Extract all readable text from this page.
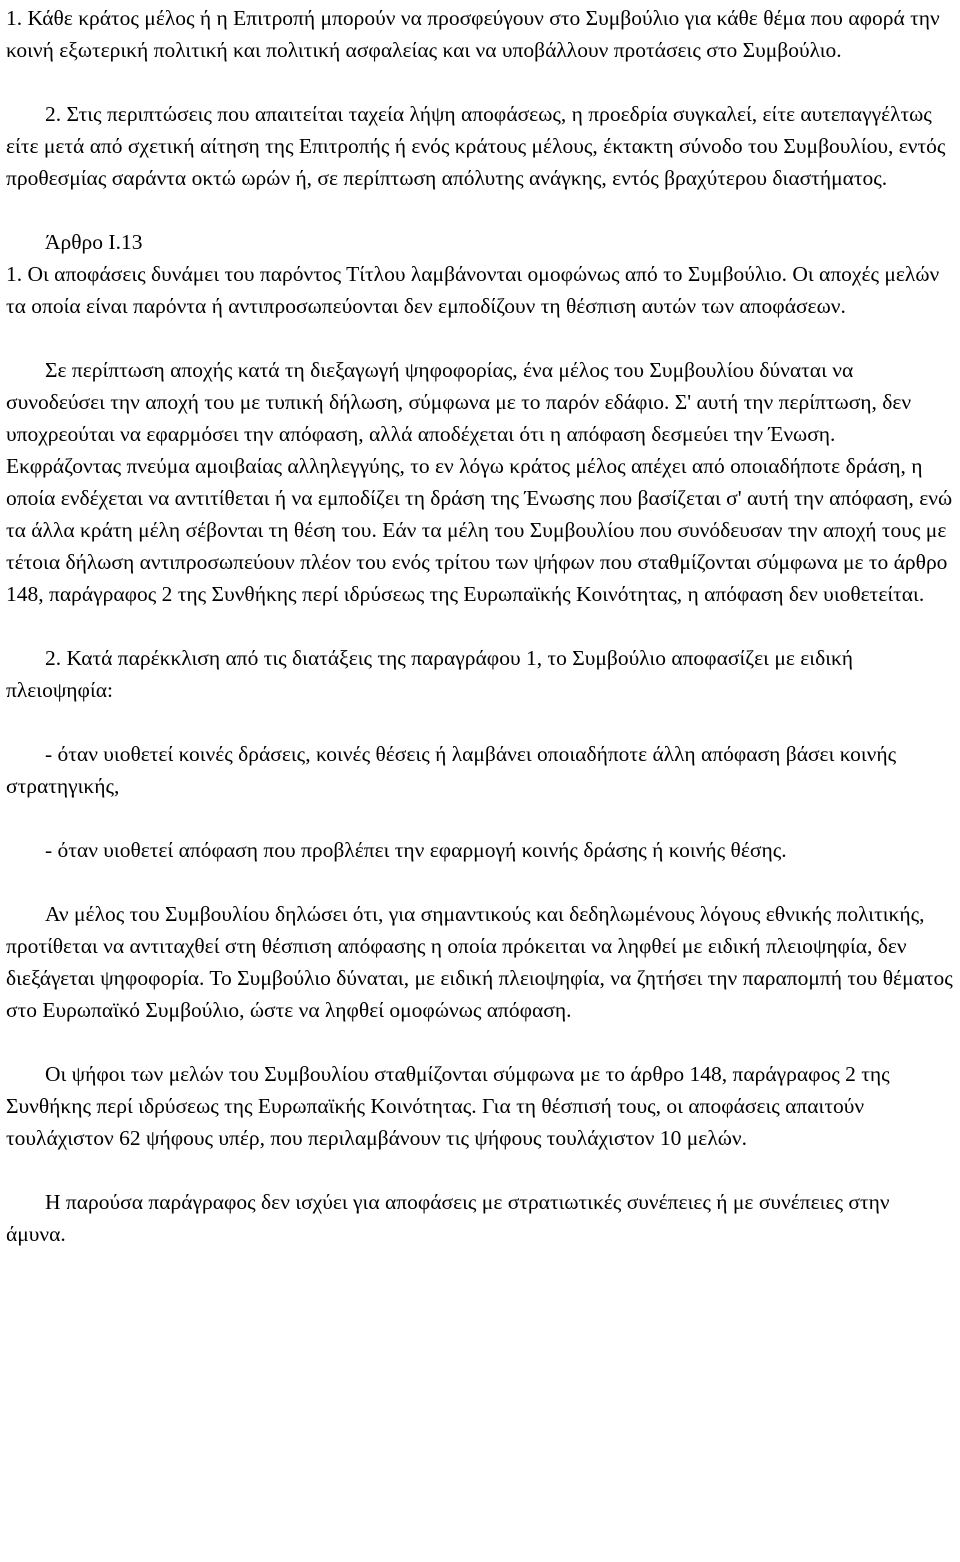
1. Κάθε κράτος μέλος ή η Επιτροπή μπορούν να προσφεύγουν στο Συμβούλιο για κάθε θέμα που αφορά την κοινή εξωτερική πολιτική και πολιτική ασφαλείας και να υποβάλλουν προτάσεις στο Συμβούλιο.

2. Στις περιπτώσεις που απαιτείται ταχεία λήψη αποφάσεως, η προεδρία συγκαλεί, είτε αυτεπαγγέλτως είτε μετά από σχετική αίτηση της Επιτροπής ή ενός κράτους μέλους, έκτακτη σύνοδο του Συμβουλίου, εντός προθεσμίας σαράντα οκτώ ωρών ή, σε περίπτωση απόλυτης ανάγκης, εντός βραχύτερου διαστήματος.

Άρθρο Ι.13

1. Οι αποφάσεις δυνάμει του παρόντος Τίτλου λαμβάνονται ομοφώνως από το Συμβούλιο. Οι αποχές μελών τα οποία είναι παρόντα ή αντιπροσωπεύονται δεν εμποδίζουν τη θέσπιση αυτών των αποφάσεων.

Σε περίπτωση αποχής κατά τη διεξαγωγή ψηφοφορίας, ένα μέλος του Συμβουλίου δύναται να συνοδεύσει την αποχή του με τυπική δήλωση, σύμφωνα με το παρόν εδάφιο. Σ' αυτή την περίπτωση, δεν υποχρεούται να εφαρμόσει την απόφαση, αλλά αποδέχεται ότι η απόφαση δεσμεύει την Ένωση. Εκφράζοντας πνεύμα αμοιβαίας αλληλεγγύης, το εν λόγω κράτος μέλος απέχει από οποιαδήποτε δράση, η οποία ενδέχεται να αντιτίθεται ή να εμποδίζει τη δράση της Ένωσης που βασίζεται σ' αυτή την απόφαση, ενώ τα άλλα κράτη μέλη σέβονται τη θέση του. Εάν τα μέλη του Συμβουλίου που συνόδευσαν την αποχή τους με τέτοια δήλωση αντιπροσωπεύουν πλέον του ενός τρίτου των ψήφων που σταθμίζονται σύμφωνα με το άρθρο 148, παράγραφος 2 της Συνθήκης περί ιδρύσεως της Ευρωπαϊκής Κοινότητας, η απόφαση δεν υιοθετείται.

2. Κατά παρέκκλιση από τις διατάξεις της παραγράφου 1, το Συμβούλιο αποφασίζει με ειδική πλειοψηφία:

- όταν υιοθετεί κοινές δράσεις, κοινές θέσεις ή λαμβάνει οποιαδήποτε άλλη απόφαση βάσει κοινής στρατηγικής,

- όταν υιοθετεί απόφαση που προβλέπει την εφαρμογή κοινής δράσης ή κοινής θέσης.

Αν μέλος του Συμβουλίου δηλώσει ότι, για σημαντικούς και δεδηλωμένους λόγους εθνικής πολιτικής, προτίθεται να αντιταχθεί στη θέσπιση απόφασης η οποία πρόκειται να ληφθεί με ειδική πλειοψηφία, δεν διεξάγεται ψηφοφορία. Το Συμβούλιο δύναται, με ειδική πλειοψηφία, να ζητήσει την παραπομπή του θέματος στο Ευρωπαϊκό Συμβούλιο, ώστε να ληφθεί ομοφώνως απόφαση.

Οι ψήφοι των μελών του Συμβουλίου σταθμίζονται σύμφωνα με το άρθρο 148, παράγραφος 2 της Συνθήκης περί ιδρύσεως της Ευρωπαϊκής Κοινότητας. Για τη θέσπισή τους, οι αποφάσεις απαιτούν τουλάχιστον 62 ψήφους υπέρ, που περιλαμβάνουν τις ψήφους τουλάχιστον 10 μελών.

Η παρούσα παράγραφος δεν ισχύει για αποφάσεις με στρατιωτικές συνέπειες ή με συνέπειες στην άμυνα.
